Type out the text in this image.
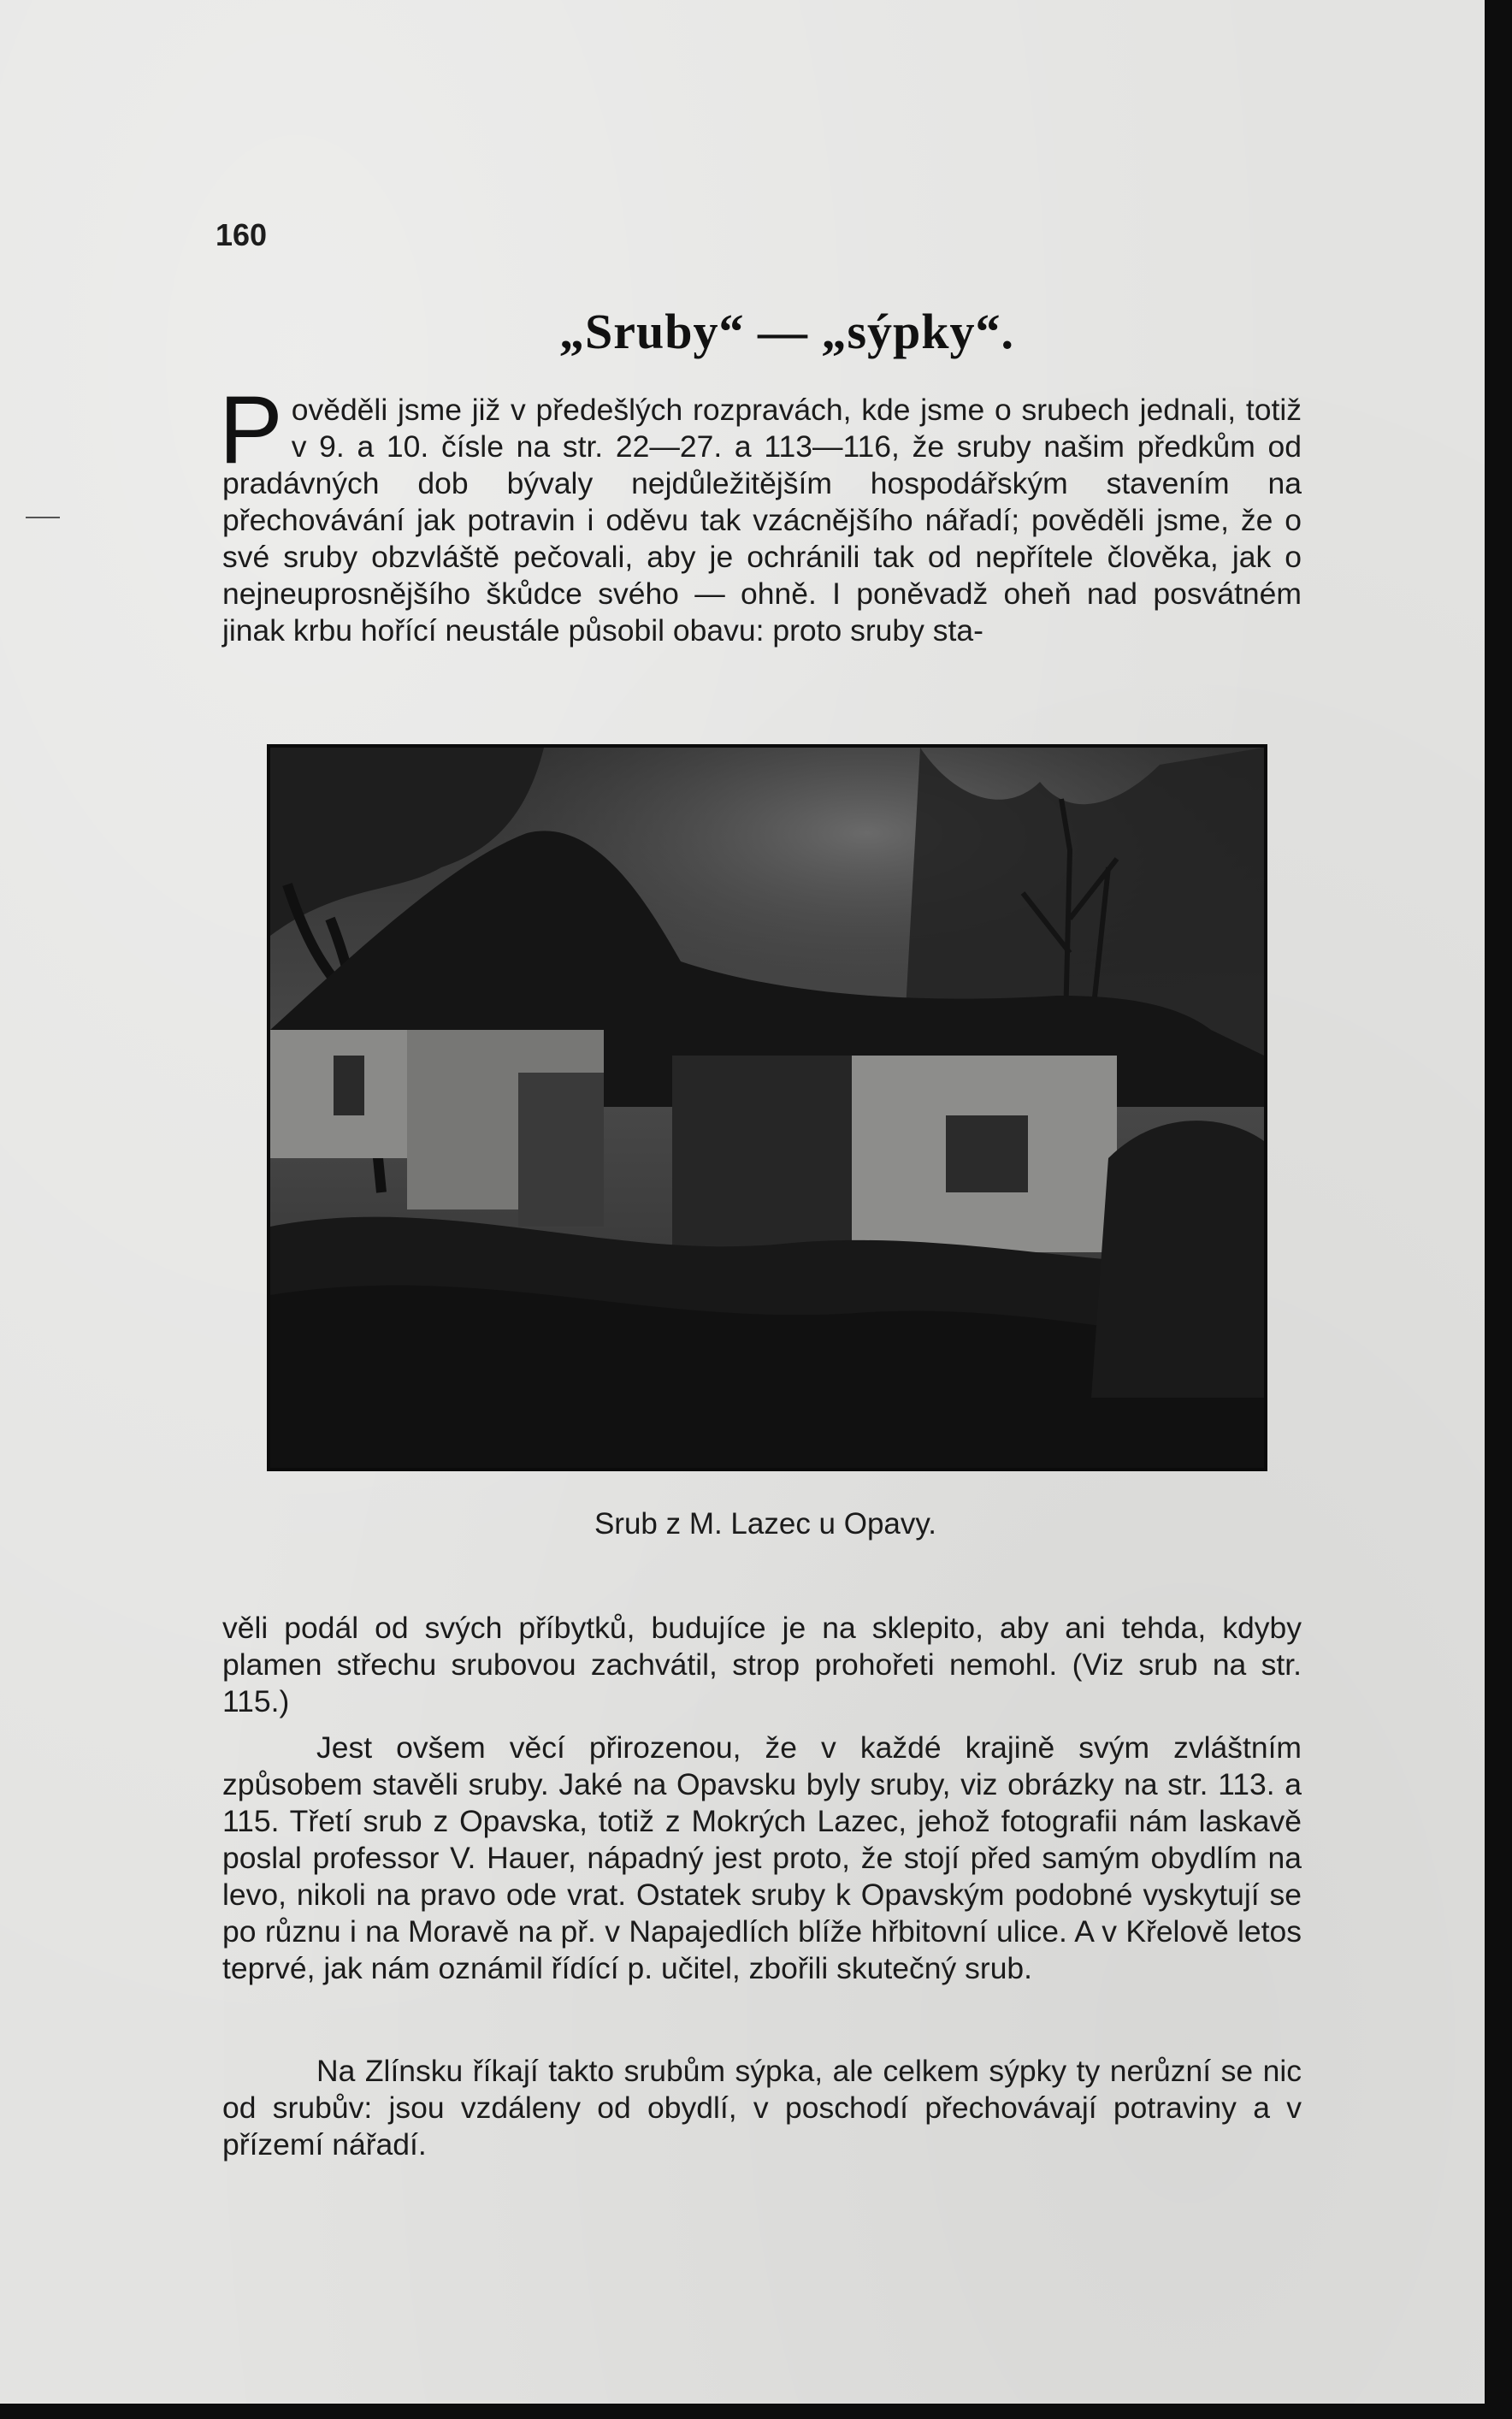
160
„Sruby“ — „sýpky“.
Pověděli jsme již v předešlých rozpravách, kde jsme o srubech jednali, totiž v 9. a 10. čísle na str. 22—27. a 113—116, že sruby našim předkům od pradávných dob bývaly nejdůležitějším hospodářským stavením na přechovávání jak potravin i oděvu tak vzácnějšího nářadí; pověděli jsme, že o své sruby obzvláště pečovali, aby je ochránili tak od nepřítele člověka, jak o nejneuprosnějšího škůdce svého — ohně. I poněvadž oheň nad posvátném jinak krbu hořící neustále působil obavu: proto sruby sta-
Srub z M. Lazec u Opavy.
věli podál od svých příbytků, budujíce je na sklepito, aby ani tehda, kdyby plamen střechu srubovou zachvátil, strop prohořeti nemohl. (Viz srub na str. 115.)
Jest ovšem věcí přirozenou, že v každé krajině svým zvláštním způsobem stavěli sruby. Jaké na Opavsku byly sruby, viz obrázky na str. 113. a 115. Třetí srub z Opavska, totiž z Mokrých Lazec, jehož fotografii nám laskavě poslal professor V. Hauer, nápadný jest proto, že stojí před samým obydlím na levo, nikoli na pravo ode vrat. Ostatek sruby k Opavským podobné vyskytují se po různu i na Moravě na př. v Napajedlích blíže hřbitovní ulice. A v Křelově letos teprvé, jak nám oznámil řídící p. učitel, zbořili skutečný srub.
Na Zlínsku říkají takto srubům sýpka, ale celkem sýpky ty nerůzní se nic od srubův: jsou vzdáleny od obydlí, v poschodí přechovávají potraviny a v přízemí nářadí.
